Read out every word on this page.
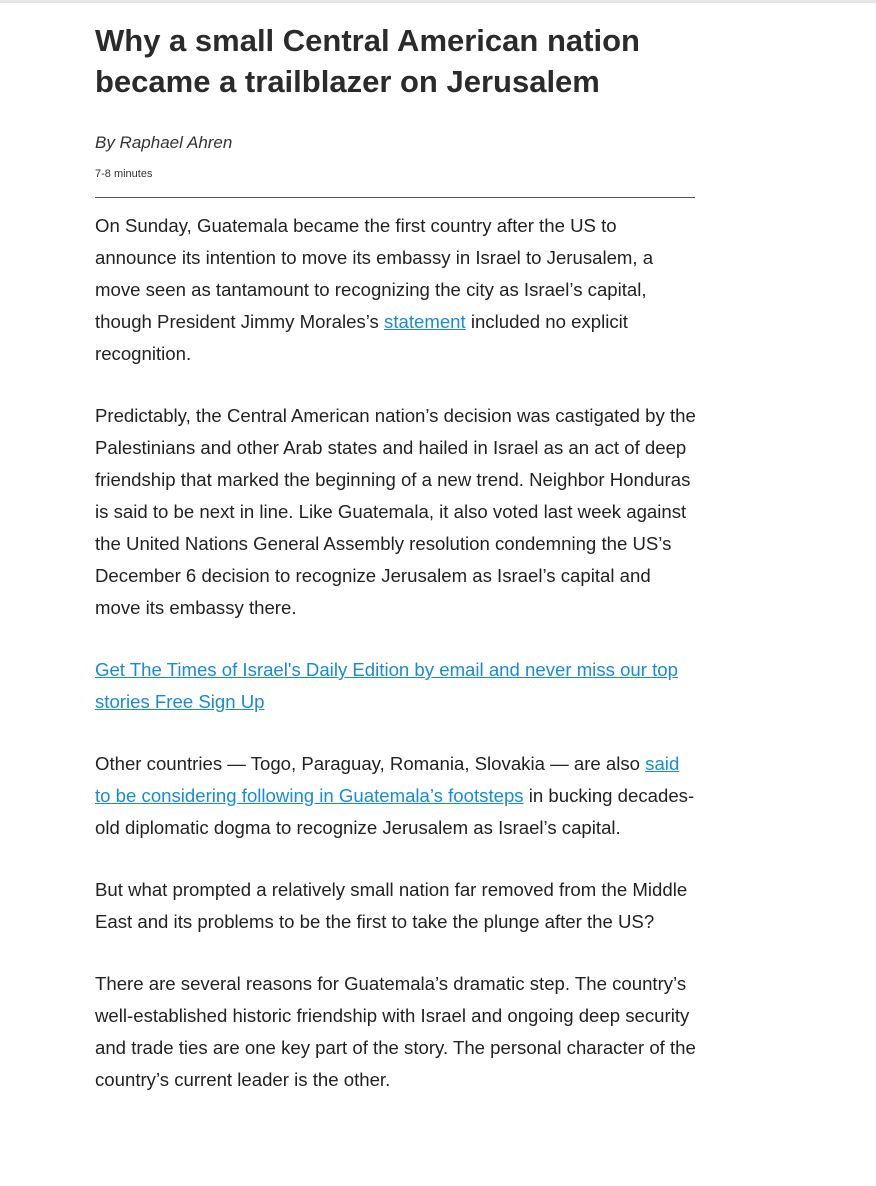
Why a small Central American nation became a trailblazer on Jerusalem

By Raphael Ahren

7-8 minutes

On Sunday, Guatemala became the first country after the US to announce its intention to move its embassy in Israel to Jerusalem, a move seen as tantamount to recognizing the city as Israel’s capital, though President Jimmy Morales’s statement included no explicit recognition.

Predictably, the Central American nation’s decision was castigated by the Palestinians and other Arab states and hailed in Israel as an act of deep friendship that marked the beginning of a new trend. Neighbor Honduras is said to be next in line. Like Guatemala, it also voted last week against the United Nations General Assembly resolution condemning the US’s December 6 decision to recognize Jerusalem as Israel’s capital and move its embassy there.

Get The Times of Israel's Daily Edition by email and never miss our top stories Free Sign Up

Other countries — Togo, Paraguay, Romania, Slovakia — are also said to be considering following in Guatemala’s footsteps in bucking decades-old diplomatic dogma to recognize Jerusalem as Israel’s capital.

But what prompted a relatively small nation far removed from the Middle East and its problems to be the first to take the plunge after the US?

There are several reasons for Guatemala’s dramatic step. The country’s well-established historic friendship with Israel and ongoing deep security and trade ties are one key part of the story. The personal character of the country’s current leader is the other.
